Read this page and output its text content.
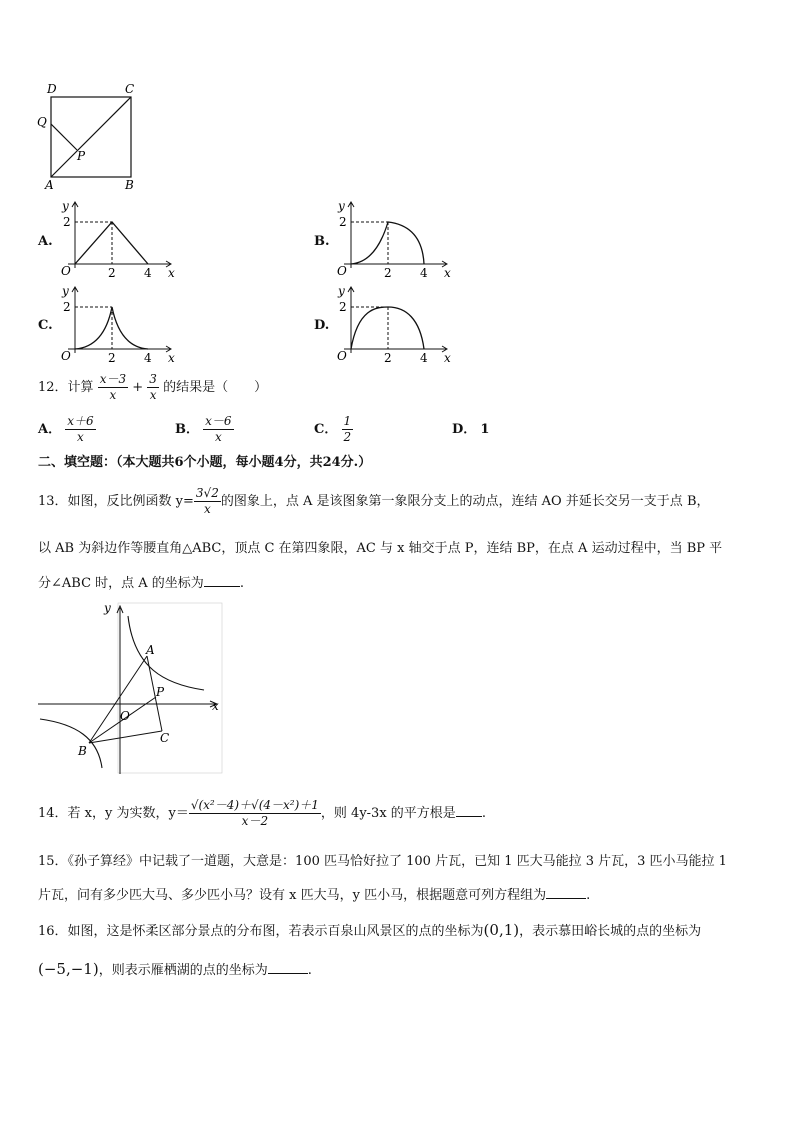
D	C
Q
P
A	B
A.
y
2
O	2 4 x
B.
y
2
O	2 4 x
C.
y
2
O	2 4 x
D.
y
2
O	2 4 x
12．计算 $\frac{x-3}{x} + \frac{3}{x}$ 的结果是（　　）
A． $\frac{x+6}{x}$	B． $\frac{x-6}{x}$	C． $\frac{1}{2}$	D． 1
二、填空题：（本大题共6个小题，每小题4分，共24分.）
13．如图，反比例函数 $y= \frac{3√2}{x}$ 的图象上，点 A 是该图象第一象限分支上的动点，连结 AO 并延长交另一支于点 B，
以 AB 为斜边作等腰直角△ABC，顶点 C 在第四象限，AC 与 x 轴交于点 P，连结 BP，在点 A 运动过程中，当 BP 平
分∠ABC 时，点 A 的坐标为	.
y
x
O
A
P
B
C
14．若 x，y 为实数，$y= \frac{\text{√(x²－4)＋√(4－x²)＋1}}{x-2}$ ，则 4y-3x 的平方根是 .
15．《孙子算经》中记载了一道题，大意是：100 匹马恰好拉了 100 片瓦，已知 1 匹大马能拉 3 片瓦，3 匹小马能拉 1
片瓦，问有多少匹大马、多少匹小马？设有 x 匹大马，y 匹小马，根据题意可列方程组为	.
16．如图，这是怀柔区部分景点的分布图，若表示百泉山风景区的点的坐标为(0,1)，表示慕田峪长城的点的坐标为
(−5,−1)，则表示雁栖湖的点的坐标为	.
